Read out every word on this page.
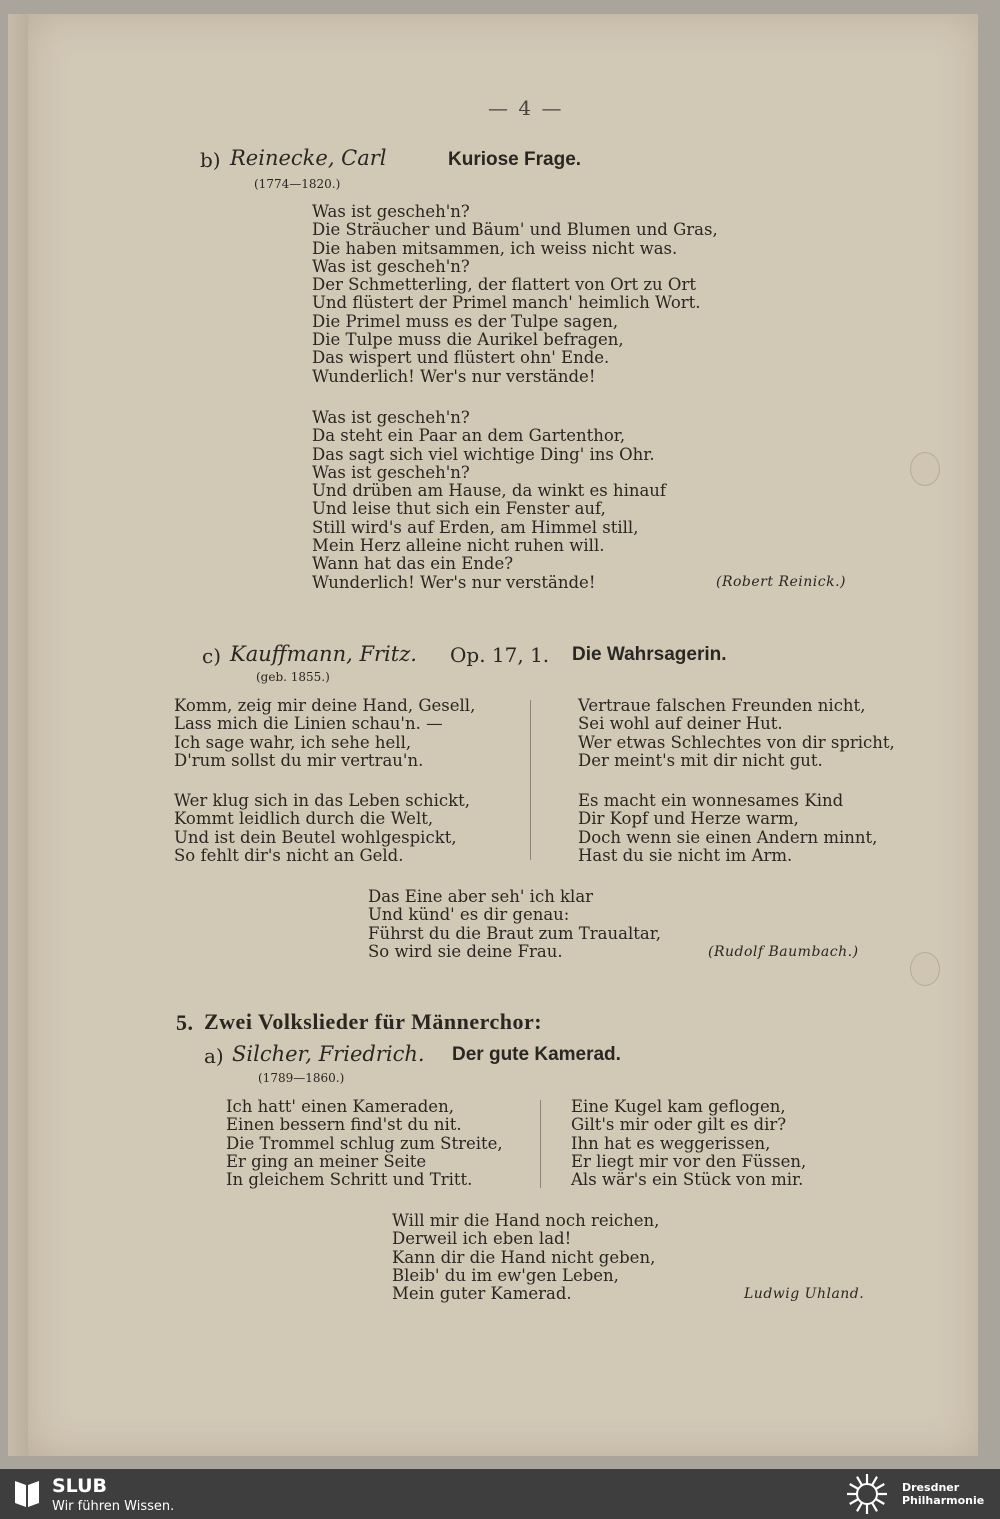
— 4 —
b) Reinecke, Carl	Kuriose Frage.
(1774—1820.)
Was ist gescheh'n?
Die Sträucher und Bäum' und Blumen und Gras,
Die haben mitsammen, ich weiss nicht was.
Was ist gescheh'n?
Der Schmetterling, der flattert von Ort zu Ort
Und flüstert der Primel manch' heimlich Wort.
Die Primel muss es der Tulpe sagen,
Die Tulpe muss die Aurikel befragen,
Das wispert und flüstert ohn' Ende.
Wunderlich! Wer's nur verstände!
Was ist gescheh'n?
Da steht ein Paar an dem Gartenthor,
Das sagt sich viel wichtige Ding' ins Ohr.
Was ist gescheh'n?
Und drüben am Hause, da winkt es hinauf
Und leise thut sich ein Fenster auf,
Still wird's auf Erden, am Himmel still,
Mein Herz alleine nicht ruhen will.
Wann hat das ein Ende?
Wunderlich! Wer's nur verstände!	(Robert Reinick.)
c) Kauffmann, Fritz. Op. 17, 1. Die Wahrsagerin.
(geb. 1855.)
Komm, zeig mir deine Hand, Gesell,
Lass mich die Linien schau'n. —
Ich sage wahr, ich sehe hell,
D'rum sollst du mir vertrau'n.
Wer klug sich in das Leben schickt,
Kommt leidlich durch die Welt,
Und ist dein Beutel wohlgespickt,
So fehlt dir's nicht an Geld.
Vertraue falschen Freunden nicht,
Sei wohl auf deiner Hut.
Wer etwas Schlechtes von dir spricht,
Der meint's mit dir nicht gut.
Es macht ein wonnesames Kind
Dir Kopf und Herze warm,
Doch wenn sie einen Andern minnt,
Hast du sie nicht im Arm.
Das Eine aber seh' ich klar
Und künd' es dir genau:
Führst du die Braut zum Traualtar,
So wird sie deine Frau.	(Rudolf Baumbach.)
5. Zwei Volkslieder für Männerchor:
a) Silcher, Friedrich. Der gute Kamerad.
(1789—1860.)
Ich hatt' einen Kameraden,
Einen bessern find'st du nit.
Die Trommel schlug zum Streite,
Er ging an meiner Seite
In gleichem Schritt und Tritt.
Eine Kugel kam geflogen,
Gilt's mir oder gilt es dir?
Ihn hat es weggerissen,
Er liegt mir vor den Füssen,
Als wär's ein Stück von mir.
Will mir die Hand noch reichen,
Derweil ich eben lad!
Kann dir die Hand nicht geben,
Bleib' du im ew'gen Leben,
Mein guter Kamerad.	Ludwig Uhland.
SLUB
Wir führen Wissen.
Dresdner
Philharmonie
